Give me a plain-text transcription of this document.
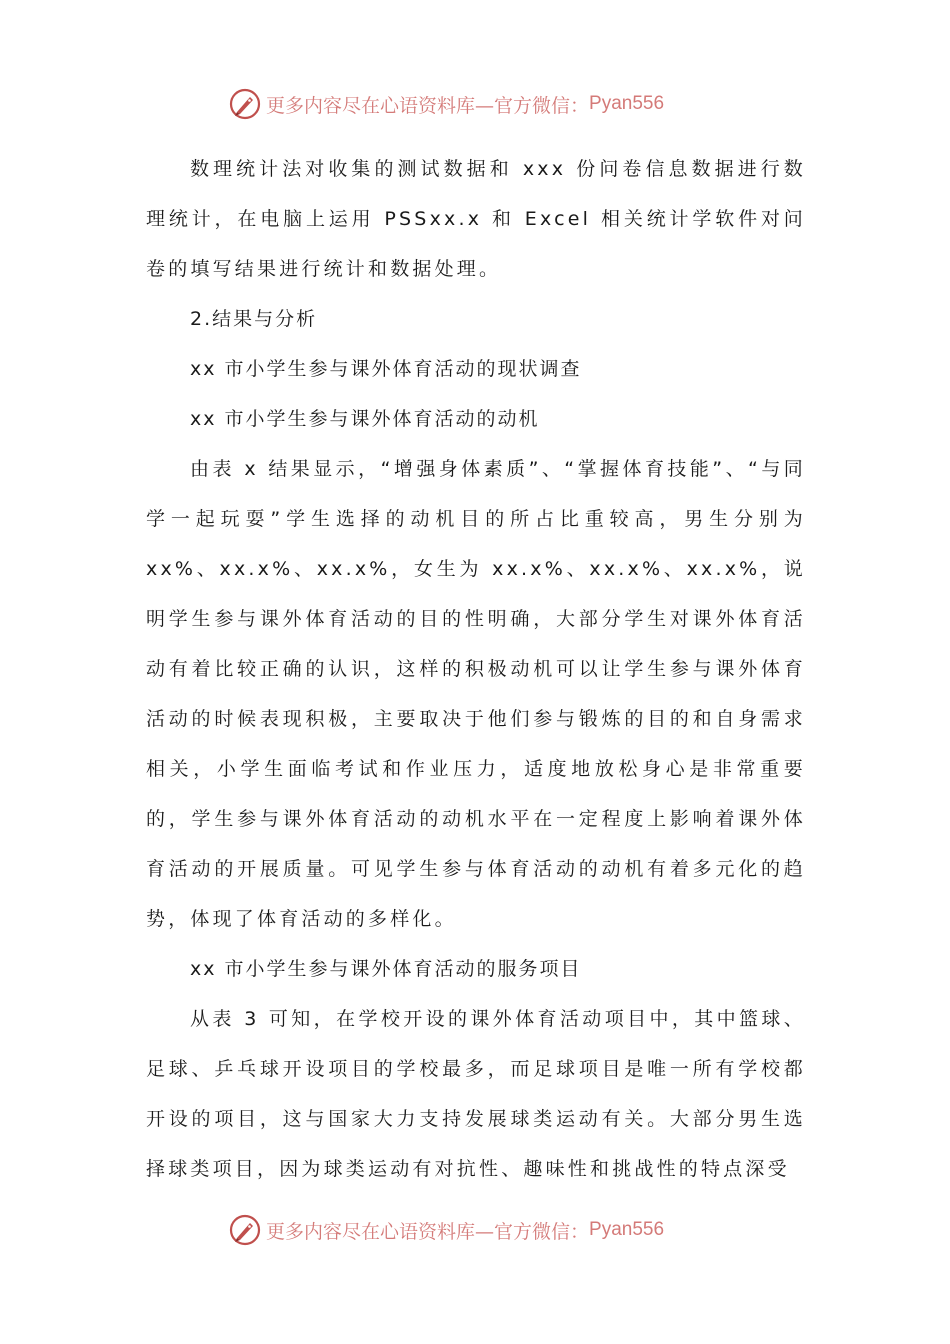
更多内容尽在心语资料库—官方微信： Pyan556

数理统计法对收集的测试数据和 xxx 份问卷信息数据进行数理统计，在电脑上运用 PSSxx.x 和 Excel 相关统计学软件对问卷的填写结果进行统计和数据处理。

2.结果与分析

xx 市小学生参与课外体育活动的现状调查

xx 市小学生参与课外体育活动的动机

由表 x 结果显示，“增强身体素质”、“掌握体育技能”、“与同学一起玩耍”学生选择的动机目的所占比重较高，男生分别为 xx%、xx.x%、xx.x%，女生为 xx.x%、xx.x%、xx.x%，说明学生参与课外体育活动的目的性明确，大部分学生对课外体育活动有着比较正确的认识，这样的积极动机可以让学生参与课外体育活动的时候表现积极，主要取决于他们参与锻炼的目的和自身需求相关，小学生面临考试和作业压力，适度地放松身心是非常重要的，学生参与课外体育活动的动机水平在一定程度上影响着课外体育活动的开展质量。可见学生参与体育活动的动机有着多元化的趋势，体现了体育活动的多样化。

xx 市小学生参与课外体育活动的服务项目

从表 3 可知，在学校开设的课外体育活动项目中，其中篮球、足球、乒乓球开设项目的学校最多，而足球项目是唯一所有学校都开设的项目，这与国家大力支持发展球类运动有关。大部分男生选择球类项目，因为球类运动有对抗性、趣味性和挑战性的特点深受

更多内容尽在心语资料库—官方微信： Pyan556
